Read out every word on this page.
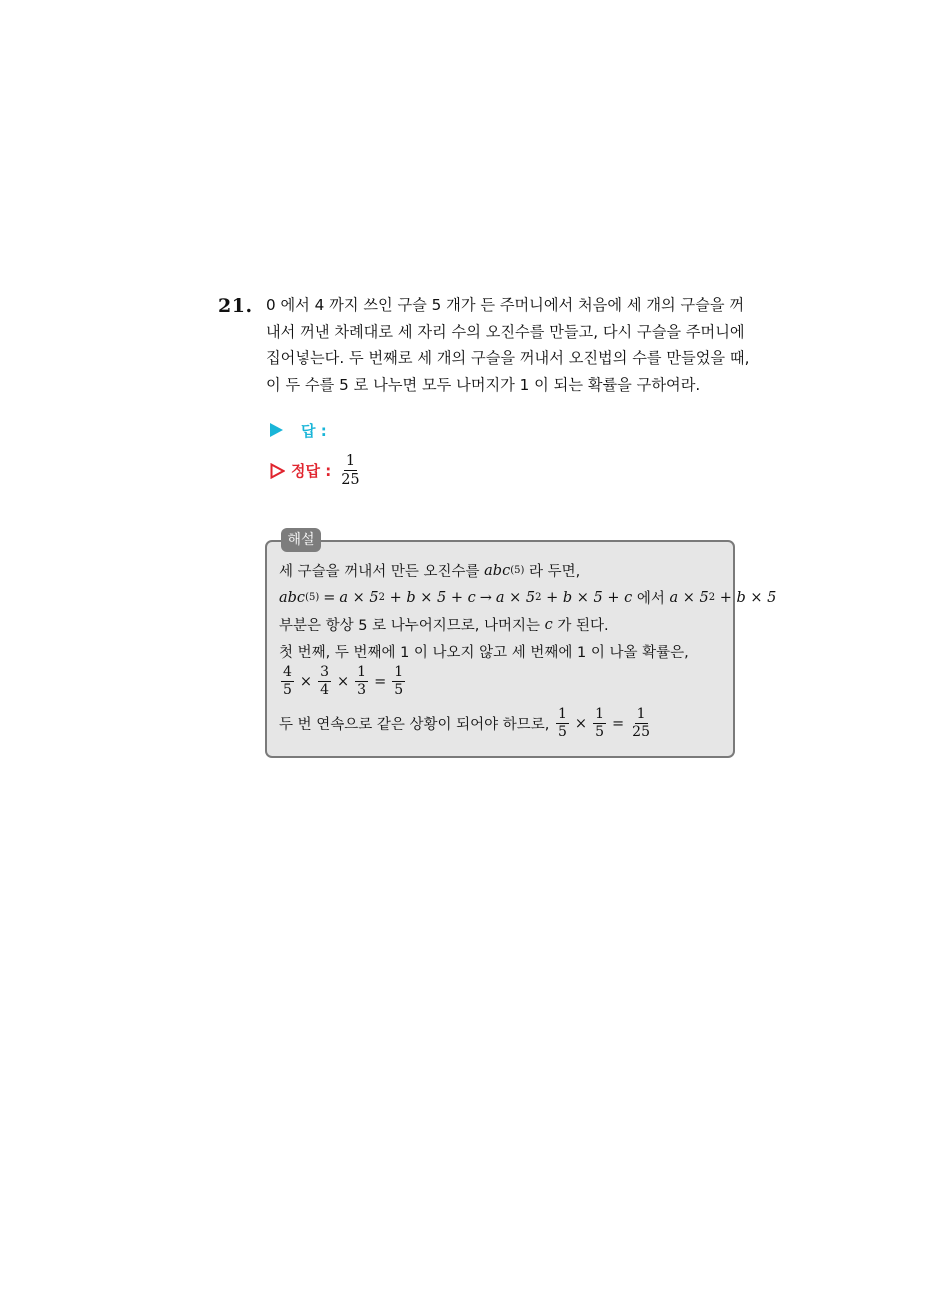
21. 0 에서 4 까지 쓰인 구슬 5 개가 든 주머니에서 처음에 세 개의 구슬을 꺼
내서 꺼낸 차례대로 세 자리 수의 오진수를 만들고, 다시 구슬을 주머니에
집어넣는다. 두 번째로 세 개의 구슬을 꺼내서 오진법의 수를 만들었을 때,
이 두 수를 5 로 나누면 모두 나머지가 1 이 되는 확률을 구하여라.
답 :
정답 : $\frac{1}{25}$
해설
세 구슬을 꺼내서 만든 오진수를
abc (5)
라 두면,
abc (5) = a × 5 2
+ b × 5 + c → a × 5 2
+ b × 5 + c
에서
a × 5 2
+ b × 5
부분은 항상 5 로 나누어지므로, 나머지는
c
가 된다.
첫 번째, 두 번째에 1 이 나오지 않고 세 번째에 1 이 나올 확률은,
$\frac{4}{5} \times \frac{3}{4} \times \frac{1}{3} = \frac{1}{5}$
두 번 연속으로 같은 상황이 되어야 하므로,
$\frac{1}{5} \times \frac{1}{5} = \frac{1}{25}$
